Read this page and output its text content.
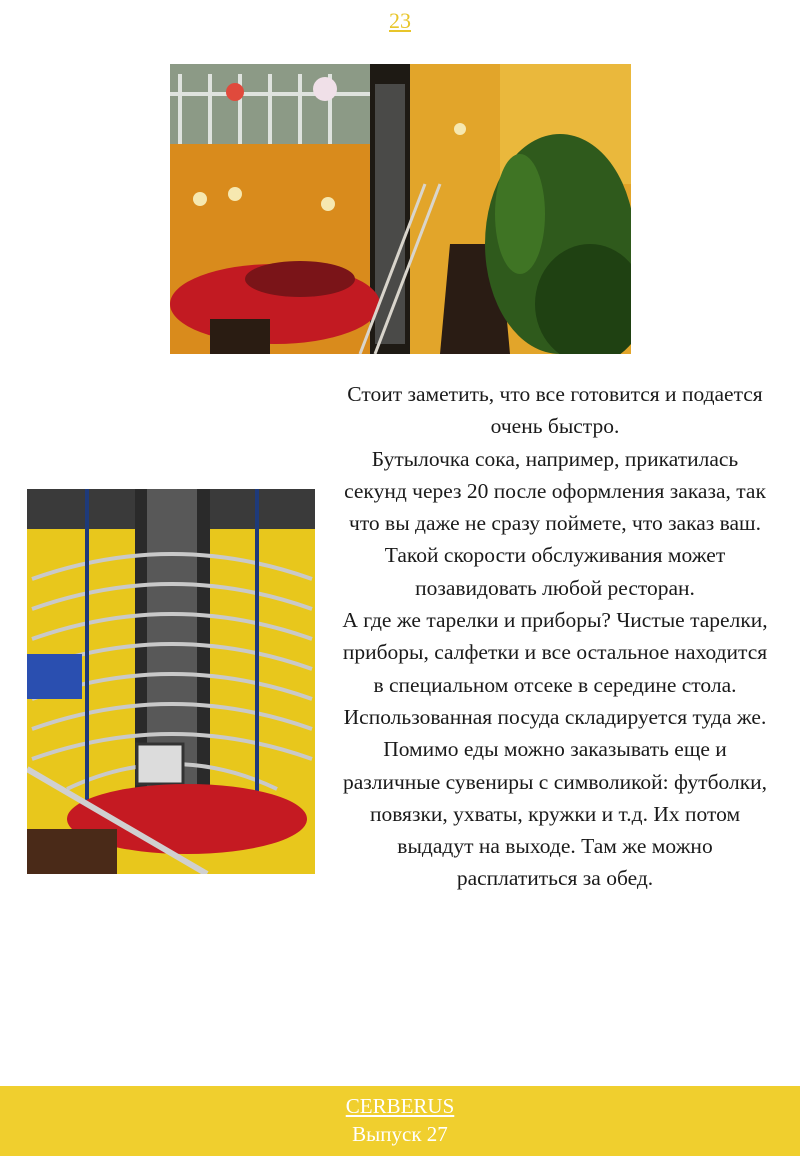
23

Стоит заметить, что все готовится и подается очень быстро.

Бутылочка сока, например, прикатилась секунд через 20 после оформления заказа, так что вы даже не сразу поймете, что заказ ваш. Такой скорости обслуживания может позавидовать любой ресторан.

А где же тарелки и приборы? Чистые тарелки, приборы, салфетки и все остальное находится в специальном отсеке в середине стола.

Использованная посуда складируется туда же. Помимо еды можно заказывать еще и различные сувениры с символикой: футболки, повязки, ухваты, кружки и т.д. Их потом выдадут на выходе. Там же можно расплатиться за обед.

CERBERUS
Выпуск 27
